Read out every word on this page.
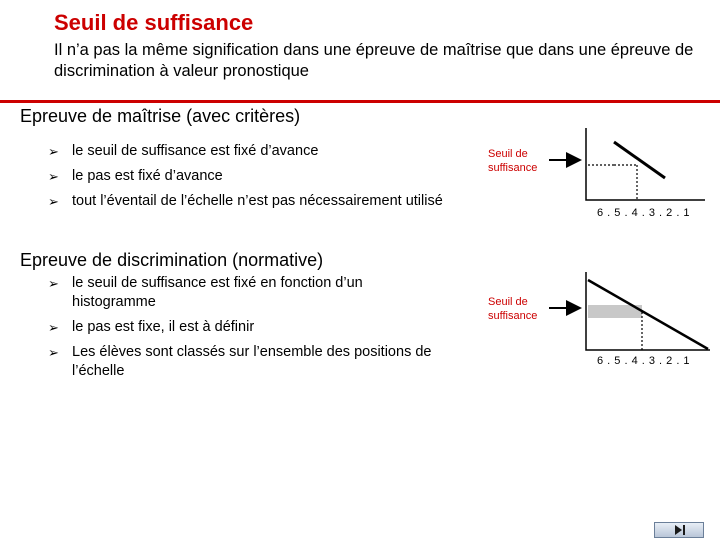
Seuil de suffisance

Il n’a pas la même signification dans une épreuve de maîtrise que dans une épreuve de discrimination à valeur pronostique

Epreuve de maîtrise (avec critères)
➢ le seuil de suffisance est fixé d’avance
➢ le pas est fixé d’avance
➢ tout l’éventail de l’échelle n’est pas nécessairement utilisé
Seuil de suffisance
6 . 5 . 4 . 3 . 2 . 1
Epreuve de discrimination (normative)
➢ le seuil de suffisance est fixé en fonction d’un histogramme
➢ le pas est fixe, il est à définir
➢ Les élèves sont classés sur l’ensemble des positions de l’échelle
Seuil de suffisance
6 . 5 . 4 . 3 . 2 . 1
